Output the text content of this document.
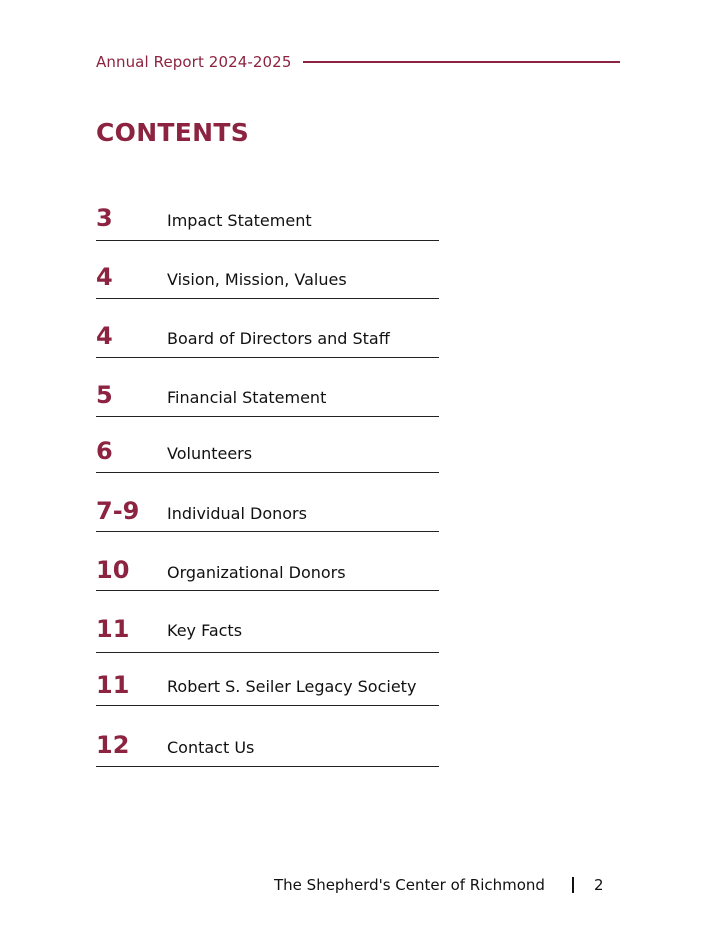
Annual Report 2024-2025
CONTENTS
3	Impact Statement
4	Vision, Mission, Values
4	Board of Directors and Staff
5	Financial Statement
6	Volunteers
7-9 Individual Donors
10 Organizational Donors
11 Key Facts
11 Robert S. Seiler Legacy Society
12 Contact Us
The Shepherd's Center of Richmond	2
